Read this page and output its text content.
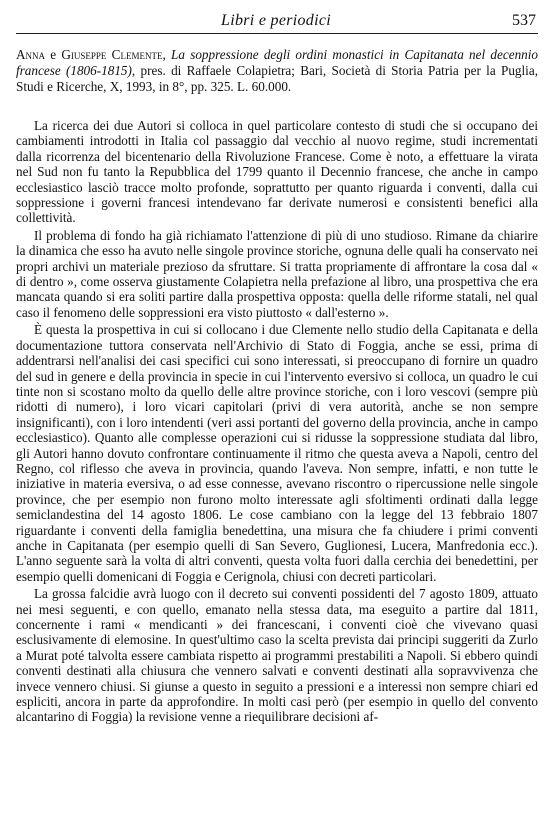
Libri e periodici	537
Anna e Giuseppe Clemente, La soppressione degli ordini monastici in Capitanata nel decennio francese (1806-1815), pres. di Raffaele Colapietra; Bari, Società di Storia Patria per la Puglia, Studi e Ricerche, X, 1993, in 8°, pp. 325. L. 60.000.

La ricerca dei due Autori si colloca in quel particolare contesto di studi che si occupano dei cambiamenti introdotti in Italia col passaggio dal vecchio al nuovo regime, studi incrementati dalla ricorrenza del bicentenario della Rivoluzione Francese. Come è noto, a effettuare la virata nel Sud non fu tanto la Repubblica del 1799 quanto il Decennio francese, che anche in campo ecclesiastico lasciò tracce molto profonde, soprattutto per quanto riguarda i conventi, dalla cui soppressione i governi francesi intendevano far derivate numerosi e consistenti benefici alla collettività.

Il problema di fondo ha già richiamato l'attenzione di più di uno studioso. Rimane da chiarire la dinamica che esso ha avuto nelle singole province storiche, ognuna delle quali ha conservato nei propri archivi un materiale prezioso da sfruttare. Si tratta propriamente di affrontare la cosa dal « di dentro », come osserva giustamente Colapietra nella prefazione al libro, una prospettiva che era mancata quando si era soliti partire dalla prospettiva opposta: quella delle riforme statali, nel qual caso il fenomeno delle soppressioni era visto piuttosto « dall'esterno ».

È questa la prospettiva in cui si collocano i due Clemente nello studio della Capitanata e della documentazione tuttora conservata nell'Archivio di Stato di Foggia, anche se essi, prima di addentrarsi nell'analisi dei casi specifici cui sono interessati, si preoccupano di fornire un quadro del sud in genere e della provincia in specie in cui l'intervento eversivo si colloca, un quadro le cui tinte non si scostano molto da quello delle altre province storiche, con i loro vescovi (sempre più ridotti di numero), i loro vicari capitolari (privi di vera autorità, anche se non sempre insignificanti), con i loro intendenti (veri assi portanti del governo della provincia, anche in campo ecclesiastico). Quanto alle complesse operazioni cui si ridusse la soppressione studiata dal libro, gli Autori hanno dovuto confrontare continuamente il ritmo che questa aveva a Napoli, centro del Regno, col riflesso che aveva in provincia, quando l'aveva. Non sempre, infatti, e non tutte le iniziative in materia eversiva, o ad esse connesse, avevano riscontro o ripercussione nelle singole province, che per esempio non furono molto interessate agli sfoltimenti ordinati dalla legge semiclandestina del 14 agosto 1806. Le cose cambiano con la legge del 13 febbraio 1807 riguardante i conventi della famiglia benedettina, una misura che fa chiudere i primi conventi anche in Capitanata (per esempio quelli di San Severo, Guglionesi, Lucera, Manfredonia ecc.). L'anno seguente sarà la volta di altri conventi, questa volta fuori dalla cerchia dei benedettini, per esempio quelli domenicani di Foggia e Cerignola, chiusi con decreti particolari.

La grossa falcidie avrà luogo con il decreto sui conventi possidenti del 7 agosto 1809, attuato nei mesi seguenti, e con quello, emanato nella stessa data, ma eseguito a partire dal 1811, concernente i rami « mendicanti » dei francescani, i conventi cioè che vivevano quasi esclusivamente di elemosine. In quest'ultimo caso la scelta prevista dai principi suggeriti da Zurlo a Murat poté talvolta essere cambiata rispetto ai programmi prestabiliti a Napoli. Si ebbero quindi conventi destinati alla chiusura che vennero salvati e conventi destinati alla sopravvivenza che invece vennero chiusi. Si giunse a questo in seguito a pressioni e a interessi non sempre chiari ed espliciti, ancora in parte da approfondire. In molti casi però (per esempio in quello del convento alcantarino di Foggia) la revisione venne a riequilibrare decisioni af-
